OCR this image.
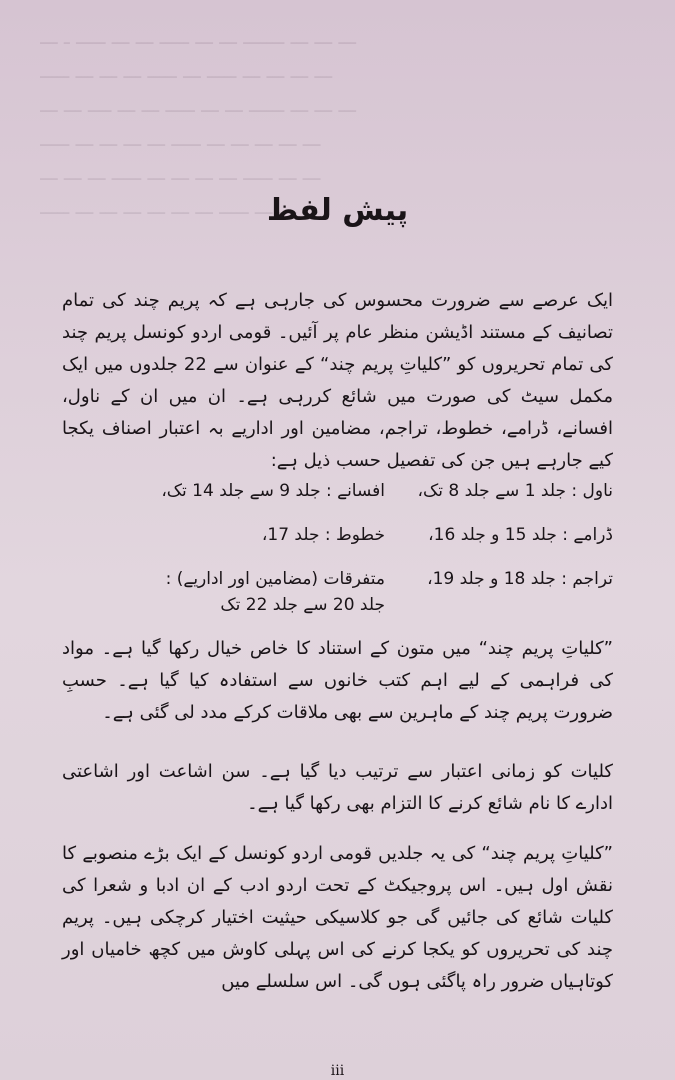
ـــ ـ ـــــ ـــ ـــ ـــــ ـــ ـــ ـــــــ ـــ ـــ ـــ
ـــــ ـــ ـــ ـــ ـــــ ـــ ـــــ ـــ ـــ ـــ ـــ
ـــ ـــ ــــ ـــ ـــ ـــــ ـــ ـــ ــــــ ـــ ـــ ـــ
ـــــ ـــ ـــ ـــ ـــ ـــــ ـــ ـــ ـــ ـــ ـــ
ـــ ـــ ـــ ـــــ ـــ ـــ ـــ ـــ ـــــ ـــ ـــ
ـــــ ـــ ـــ ـــ ـــ ـــ ـــ ـــــ ـــ ـــ
پیش لفظ
ایک عرصے سے ضرورت محسوس کی جارہی ہے کہ پریم چند کی تمام تصانیف کے مستند اڈیشن منظر عام پر آئیں۔ قومی اردو کونسل پریم چند کی تمام تحریروں کو ”کلیاتِ پریم چند“ کے عنوان سے 22 جلدوں میں ایک مکمل سیٹ کی صورت میں شائع کررہی ہے۔ ان میں ان کے ناول، افسانے، ڈرامے، خطوط، تراجم، مضامین اور اداریے بہ اعتبار اصناف یکجا کیے جارہے ہیں جن کی تفصیل حسب ذیل ہے:
ناول : جلد 1 سے جلد 8 تک،
افسانے : جلد 9 سے جلد 14 تک،
ڈرامے : جلد 15 و جلد 16،
خطوط : جلد 17،
تراجم : جلد 18 و جلد 19،
متفرقات (مضامین اور اداریے) :
جلد 20 سے جلد 22 تک
”کلیاتِ پریم چند“ میں متون کے استناد کا خاص خیال رکھا گیا ہے۔ مواد کی فراہمی کے لیے اہم کتب خانوں سے استفادہ کیا گیا ہے۔ حسبِ ضرورت پریم چند کے ماہرین سے بھی ملاقات کرکے مدد لی گئی ہے۔
کلیات کو زمانی اعتبار سے ترتیب دیا گیا ہے۔ سن اشاعت اور اشاعتی ادارے کا نام شائع کرنے کا التزام بھی رکھا گیا ہے۔
”کلیاتِ پریم چند“ کی یہ جلدیں قومی اردو کونسل کے ایک بڑے منصوبے کا نقش اول ہیں۔ اس پروجیکٹ کے تحت اردو ادب کے ان ادبا و شعرا کی کلیات شائع کی جائیں گی جو کلاسیکی حیثیت اختیار کرچکی ہیں۔ پریم چند کی تحریروں کو یکجا کرنے کی اس پہلی کاوش میں کچھ خامیاں اور کوتاہیاں ضرور راہ پاگئی ہوں گی۔ اس سلسلے میں
iii
